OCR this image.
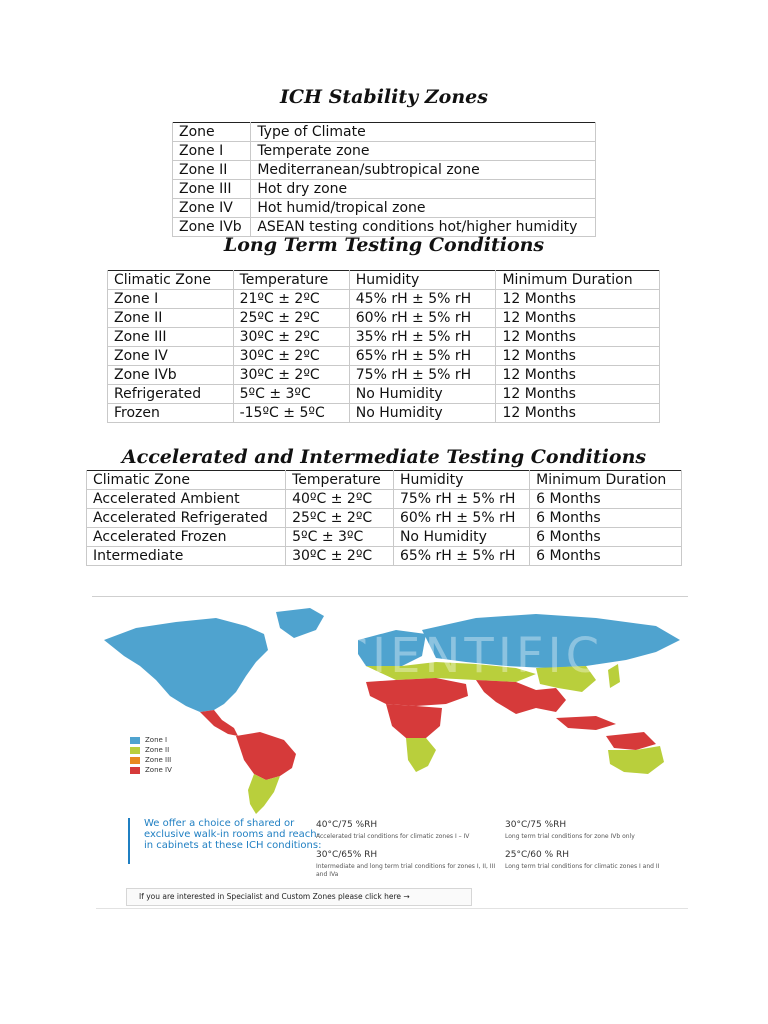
ICH Stability Zones
Zone	Type of Climate
Zone I	Temperate zone
Zone II	Mediterranean/subtropical zone
Zone III	Hot dry zone
Zone IV	Hot humid/tropical zone
Zone IVb	ASEAN testing conditions hot/higher humidity
Long Term Testing Conditions
Climatic Zone	Temperature	Humidity	Minimum Duration
Zone I	21ºC ± 2ºC	45% rH ± 5% rH	12 Months
Zone II	25ºC ± 2ºC	60% rH ± 5% rH	12 Months
Zone III	30ºC ± 2ºC	35% rH ± 5% rH	12 Months
Zone IV	30ºC ± 2ºC	65% rH ± 5% rH	12 Months
Zone IVb	30ºC ± 2ºC	75% rH ± 5% rH	12 Months
Refrigerated	5ºC ± 3ºC	No Humidity	12 Months
Frozen	-15ºC ± 5ºC	No Humidity	12 Months
Accelerated and Intermediate Testing Conditions
Climatic Zone	Temperature	Humidity	Minimum Duration
Accelerated Ambient	40ºC ± 2ºC	75% rH ± 5% rH	6 Months
Accelerated Refrigerated	25ºC ± 2ºC	60% rH ± 5% rH	6 Months
Accelerated Frozen	5ºC ± 3ºC	No Humidity	6 Months
Intermediate	30ºC ± 2ºC	65% rH ± 5% rH	6 Months
SCIENTIFIC
Zone I
Zone II
Zone III
Zone IV
We offer a choice of shared or exclusive walk-in rooms and reach-in cabinets at these ICH conditions:
40°C/75 %RH
Accelerated trial conditions for climatic zones I – IV
30°C/65% RH
Intermediate and long term trial conditions for zones I, II, III and IVa
30°C/75 %RH
Long term trial conditions for zone IVb only
25°C/60 % RH
Long term trial conditions for climatic zones I and II
If you are interested in Specialist and Custom Zones please click here →
